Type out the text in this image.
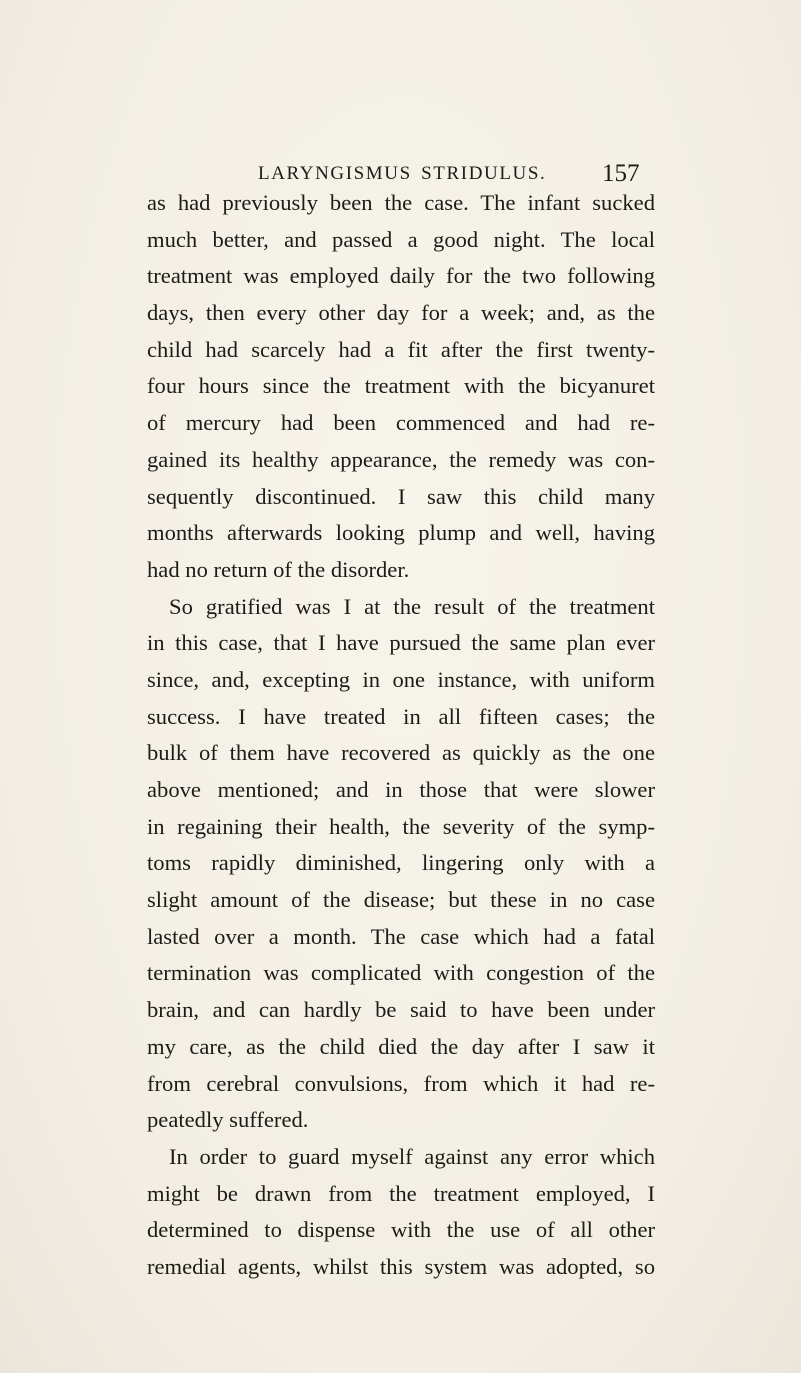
LARYNGISMUS STRIDULUS. 157
as had previously been the case. The infant sucked
much better, and passed a good night. The local
treatment was employed daily for the two following
days, then every other day for a week; and, as the
child had scarcely had a fit after the first twenty-
four hours since the treatment with the bicyanuret
of mercury had been commenced and had re-
gained its healthy appearance, the remedy was con-
sequently discontinued. I saw this child many
months afterwards looking plump and well, having
had no return of the disorder.
So gratified was I at the result of the treatment
in this case, that I have pursued the same plan ever
since, and, excepting in one instance, with uniform
success. I have treated in all fifteen cases; the
bulk of them have recovered as quickly as the one
above mentioned; and in those that were slower
in regaining their health, the severity of the symp-
toms rapidly diminished, lingering only with a
slight amount of the disease; but these in no case
lasted over a month. The case which had a fatal
termination was complicated with congestion of the
brain, and can hardly be said to have been under
my care, as the child died the day after I saw it
from cerebral convulsions, from which it had re-
peatedly suffered.
In order to guard myself against any error which
might be drawn from the treatment employed, I
determined to dispense with the use of all other
remedial agents, whilst this system was adopted, so
